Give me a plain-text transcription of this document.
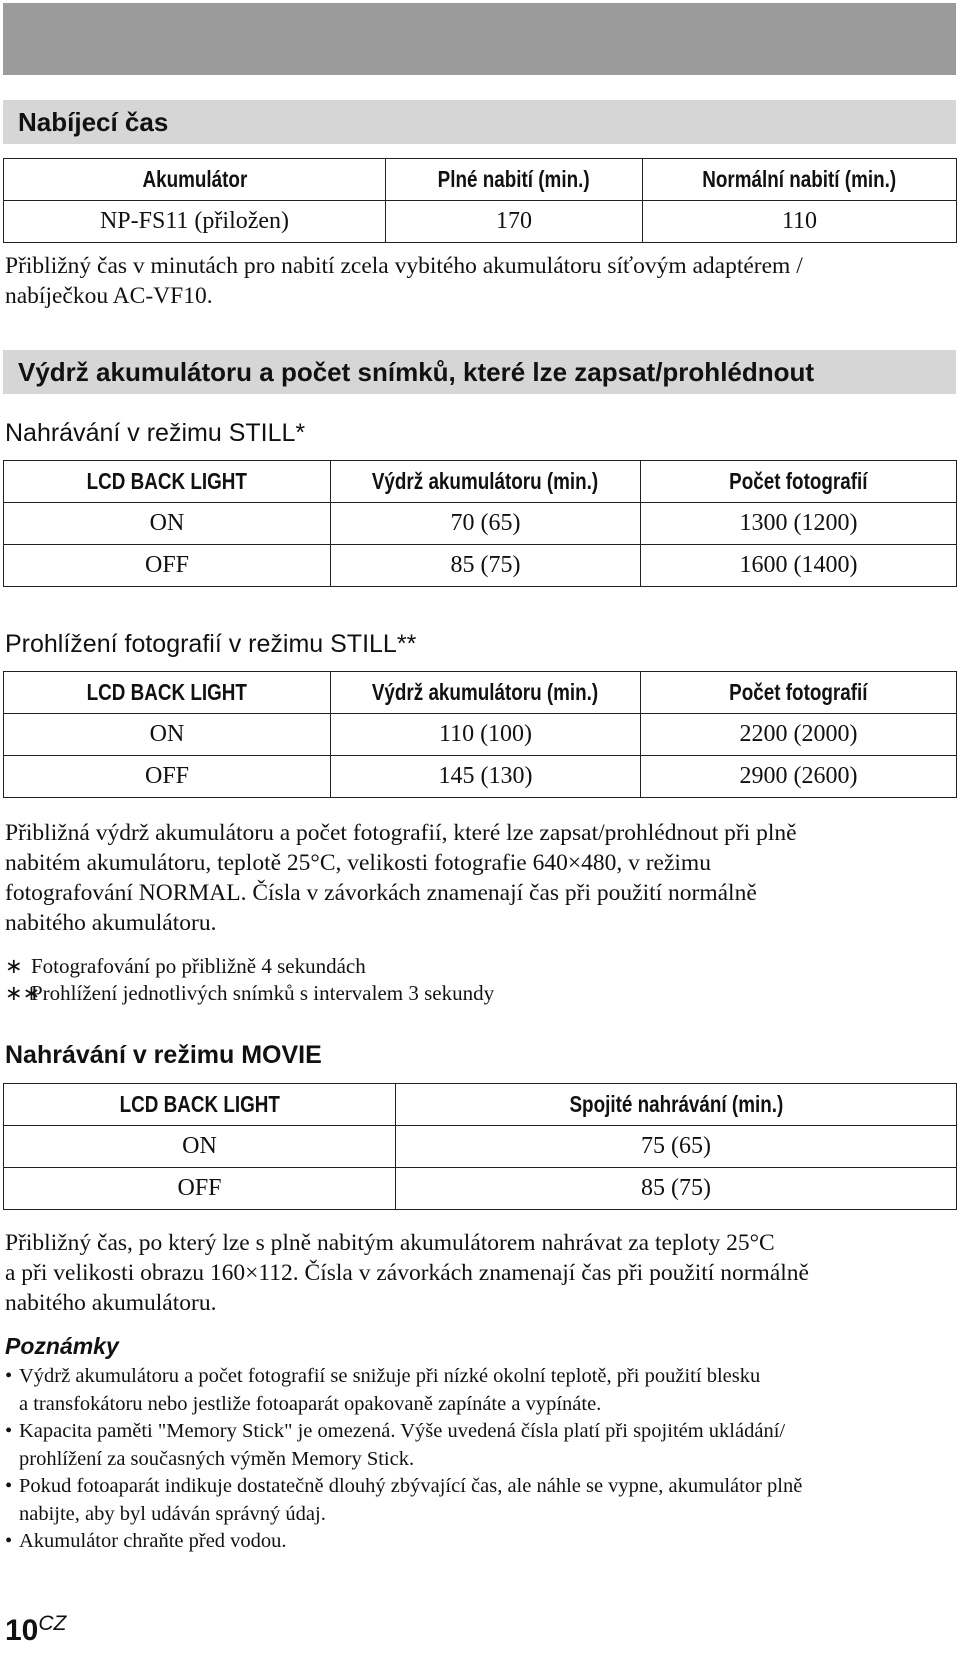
Nabíjecí čas
Akumulátor	Plné nabití (min.)	Normální nabití (min.)
NP-FS11 (přiložen)	170	110

Přibližný čas v minutách pro nabití zcela vybitého akumulátoru síťovým adaptérem /

nabíječkou AC-VF10.

Výdrž akumulátoru a počet snímků, které lze zapsat/prohlédnout
Nahrávání v režimu STILL*
LCD BACK LIGHT	Výdrž akumulátoru (min.)	Počet fotografií
ON	70 (65)	1300 (1200)
OFF	85 (75)	1600 (1400)
Prohlížení fotografií v režimu STILL**
LCD BACK LIGHT	Výdrž akumulátoru (min.)	Počet fotografií
ON	110 (100)	2200 (2000)
OFF	145 (130)	2900 (2600)

Přibližná výdrž akumulátoru a počet fotografií, které lze zapsat/prohlédnout při plně

nabitém akumulátoru, teplotě 25°C, velikosti fotografie 640×480, v režimu

fotografování NORMAL. Čísla v závorkách znamenají čas při použití normálně

nabitého akumulátoru.

∗ Fotografování po přibližně 4 sekundách
∗∗Prohlížení jednotlivých snímků s intervalem 3 sekundy
Nahrávání v režimu MOVIE
LCD BACK LIGHT	Spojité nahrávání (min.)
ON	75 (65)
OFF	85 (75)

Přibližný čas, po který lze s plně nabitým akumulátorem nahrávat za teploty 25°C

a při velikosti obrazu 160×112. Čísla v závorkách znamenají čas při použití normálně

nabitého akumulátoru.

Poznámky
• Výdrž akumulátoru a počet fotografií se snižuje při nízké okolní teplotě, při použití blesku
a transfokátoru nebo jestliže fotoaparát opakovaně zapínáte a vypínáte.
• Kapacita paměti "Memory Stick" je omezená. Výše uvedená čísla platí při spojitém ukládání/
prohlížení za současných výměn Memory Stick.
• Pokud fotoaparát indikuje dostatečně dlouhý zbývající čas, ale náhle se vypne, akumulátor plně
nabijte, aby byl udáván správný údaj.
• Akumulátor chraňte před vodou.
$10^{CZ}$
